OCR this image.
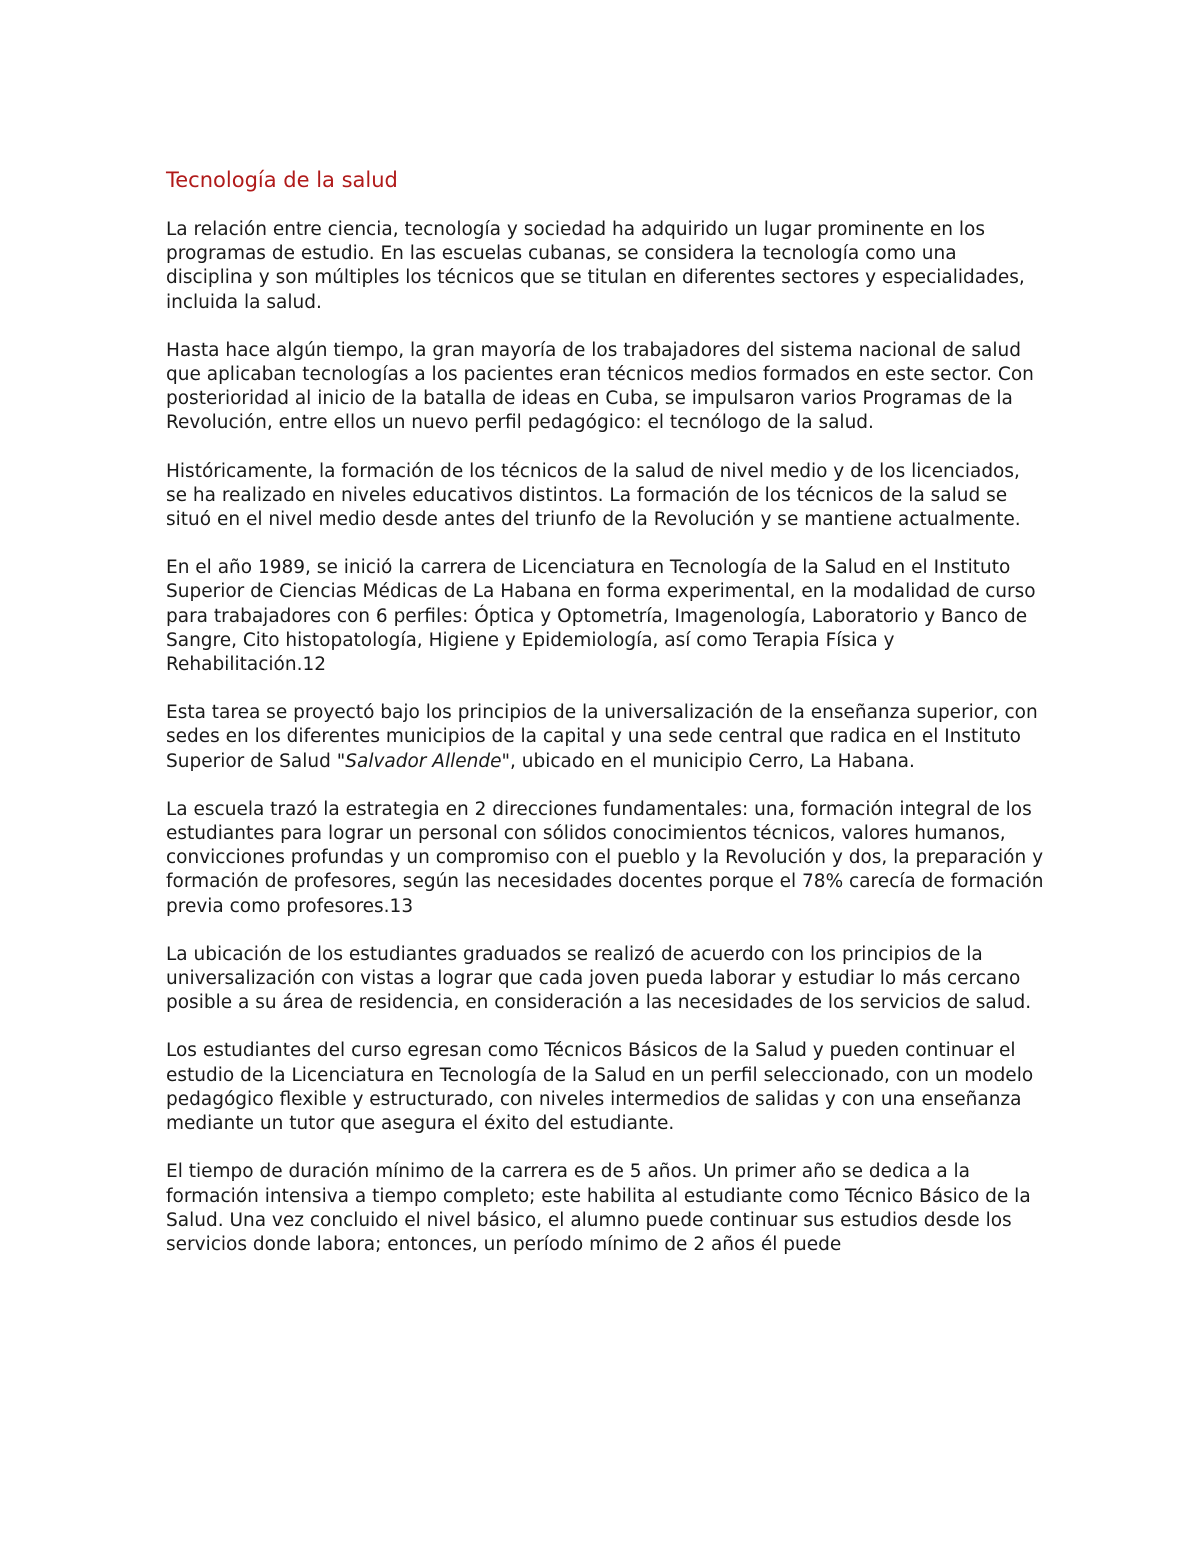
Tecnología de la salud

La relación entre ciencia, tecnología y sociedad ha adquirido un lugar prominente en los programas de estudio. En las escuelas cubanas, se considera la tecnología como una disciplina y son múltiples los técnicos que se titulan en diferentes sectores y especialidades, incluida la salud.

Hasta hace algún tiempo, la gran mayoría de los trabajadores del sistema nacional de salud que aplicaban tecnologías a los pacientes eran técnicos medios formados en este sector. Con posterioridad al inicio de la batalla de ideas en Cuba, se impulsaron varios Programas de la Revolución, entre ellos un nuevo perfil pedagógico: el tecnólogo de la salud.

Históricamente, la formación de los técnicos de la salud de nivel medio y de los licenciados, se ha realizado en niveles educativos distintos. La formación de los técnicos de la salud se situó en el nivel medio desde antes del triunfo de la Revolución y se mantiene actualmente.

En el año 1989, se inició la carrera de Licenciatura en Tecnología de la Salud en el Instituto Superior de Ciencias Médicas de La Habana en forma experimental, en la modalidad de curso para trabajadores con 6 perfiles: Óptica y Optometría, Imagenología, Laboratorio y Banco de Sangre, Cito histopatología, Higiene y Epidemiología, así como Terapia Física y Rehabilitación.12

Esta tarea se proyectó bajo los principios de la universalización de la enseñanza superior, con sedes en los diferentes municipios de la capital y una sede central que radica en el Instituto Superior de Salud "Salvador Allende", ubicado en el municipio Cerro, La Habana.

La escuela trazó la estrategia en 2 direcciones fundamentales: una, formación integral de los estudiantes para lograr un personal con sólidos conocimientos técnicos, valores humanos, convicciones profundas y un compromiso con el pueblo y la Revolución y dos, la preparación y formación de profesores, según las necesidades docentes porque el 78% carecía de formación previa como profesores.13

La ubicación de los estudiantes graduados se realizó de acuerdo con los principios de la universalización con vistas a lograr que cada joven pueda laborar y estudiar lo más cercano posible a su área de residencia, en consideración a las necesidades de los servicios de salud.

Los estudiantes del curso egresan como Técnicos Básicos de la Salud y pueden continuar el estudio de la Licenciatura en Tecnología de la Salud en un perfil seleccionado, con un modelo pedagógico flexible y estructurado, con niveles intermedios de salidas y con una enseñanza mediante un tutor que asegura el éxito del estudiante.

El tiempo de duración mínimo de la carrera es de 5 años. Un primer año se dedica a la formación intensiva a tiempo completo; este habilita al estudiante como Técnico Básico de la Salud. Una vez concluido el nivel básico, el alumno puede continuar sus estudios desde los servicios donde labora; entonces, un período mínimo de 2 años él puede
